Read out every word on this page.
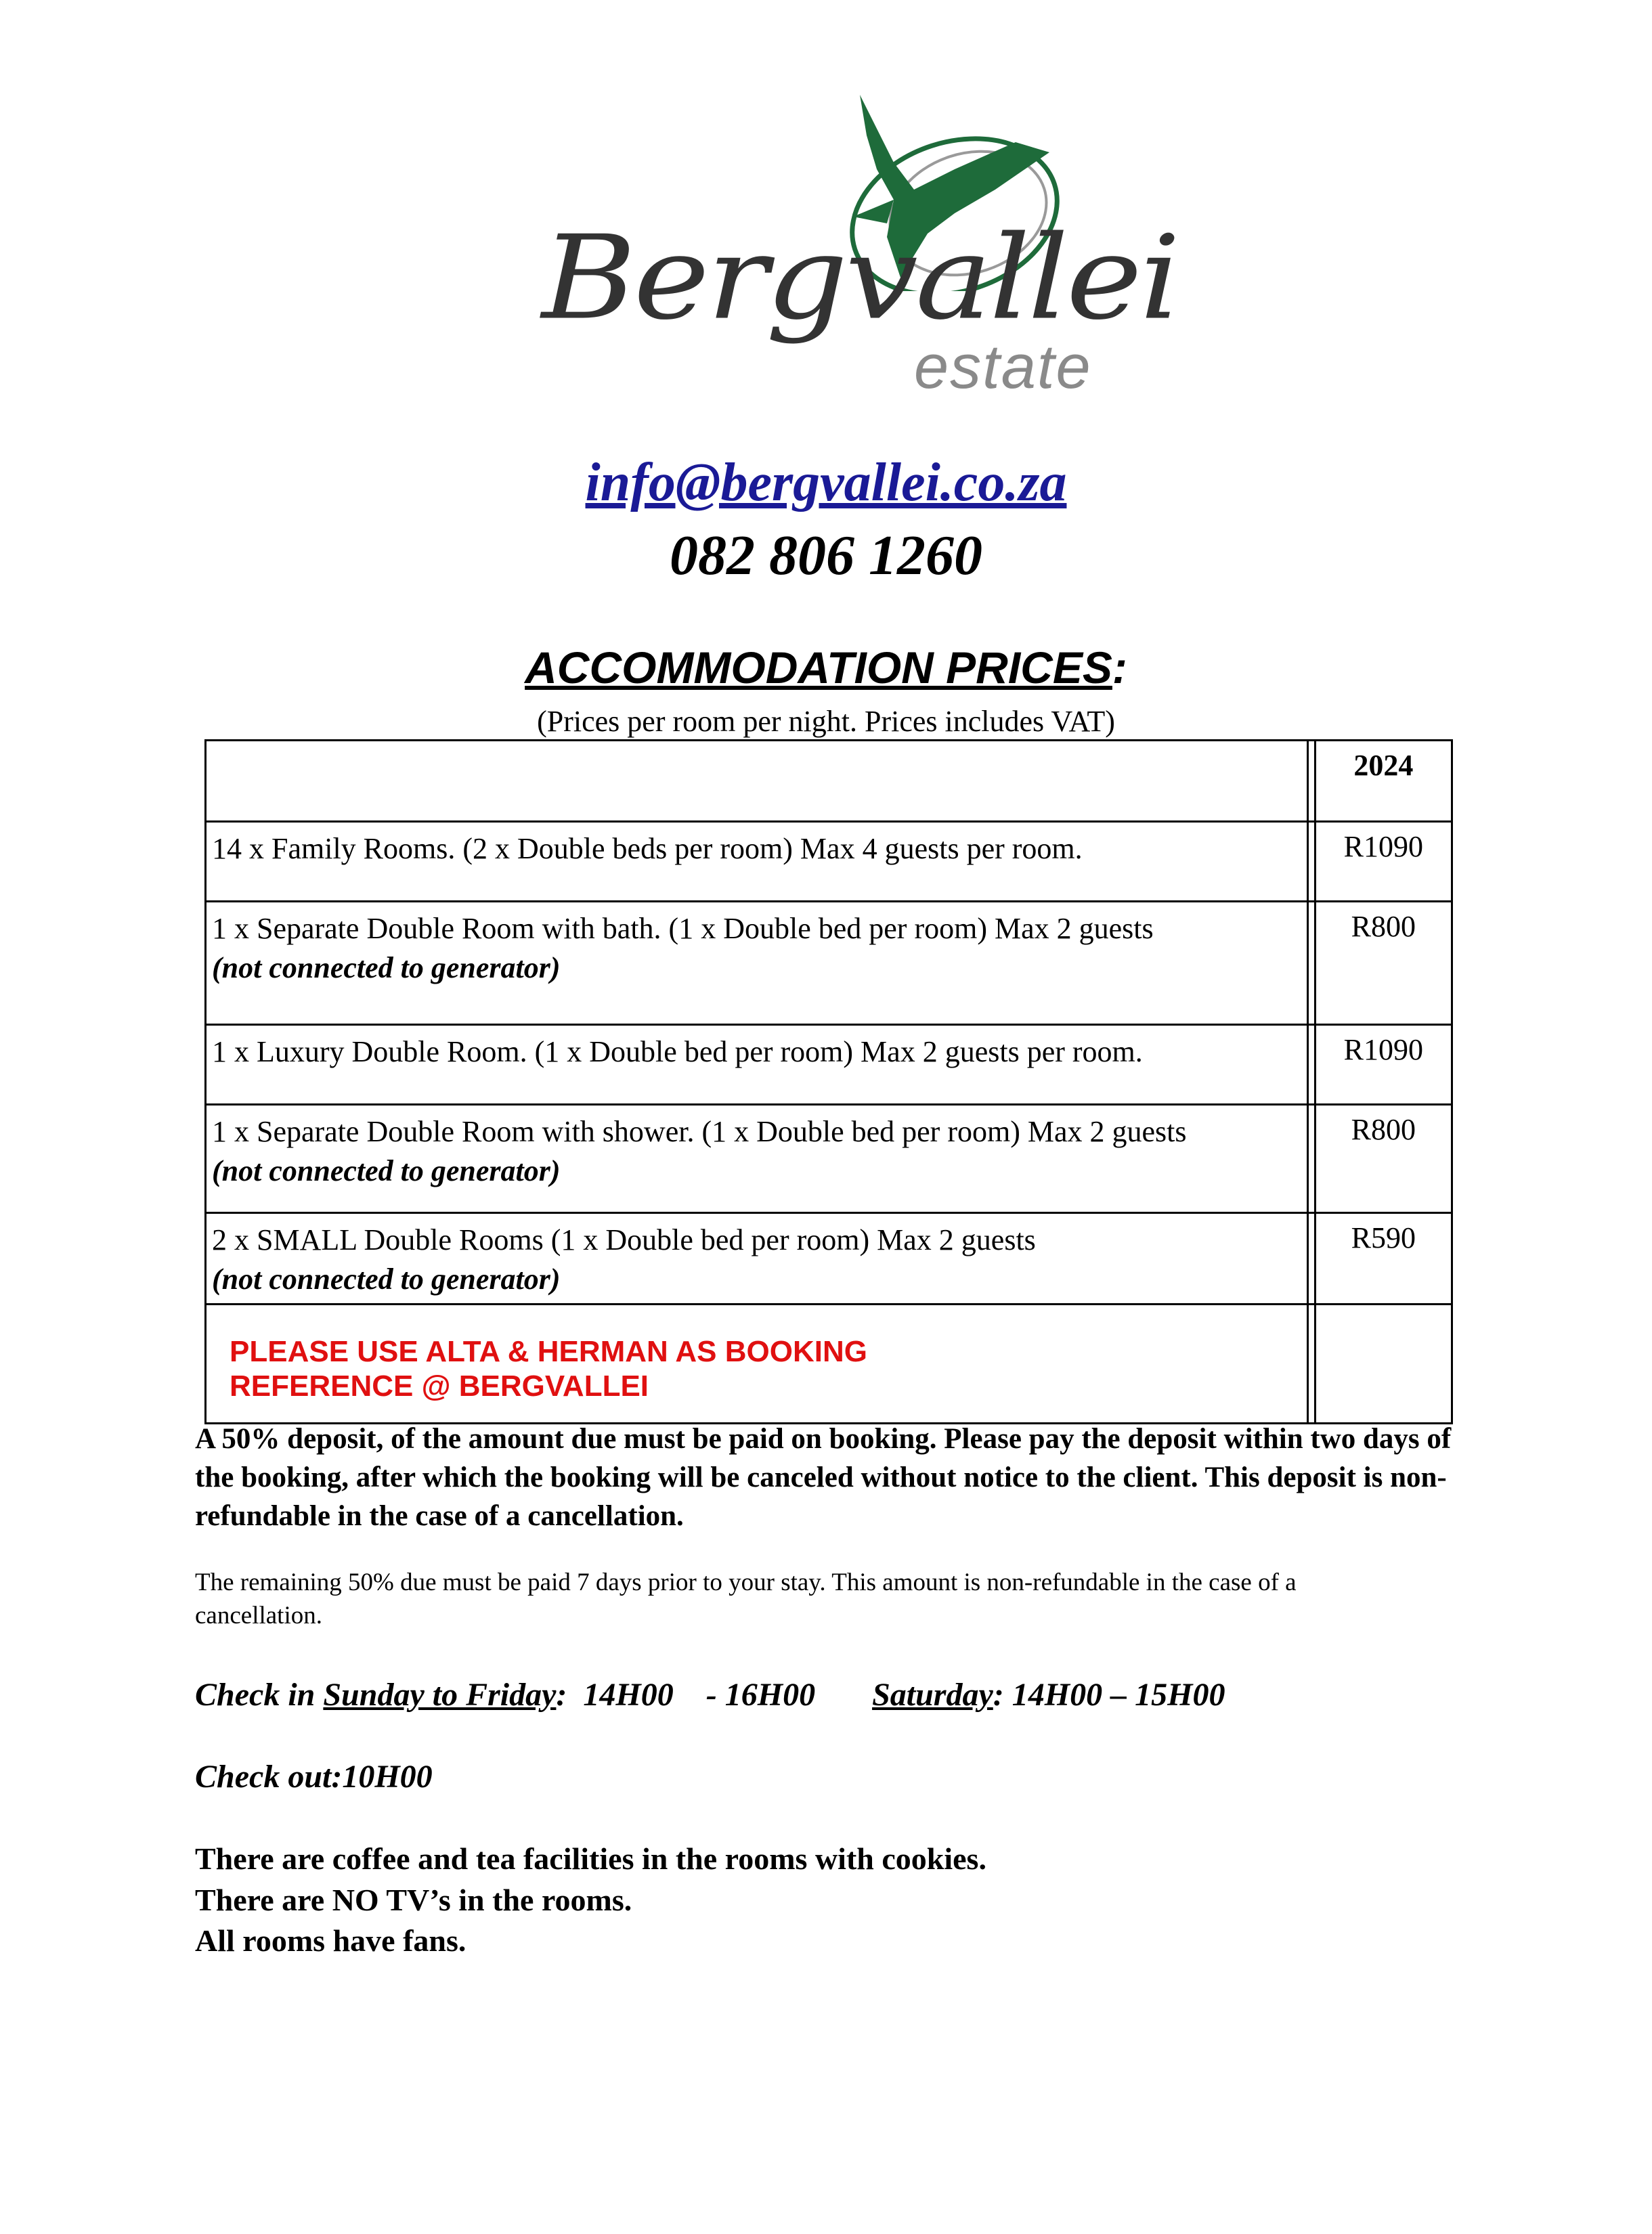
Bergvallei
estate
info@bergvallei.co.za
082 806 1260
ACCOMMODATION PRICES:
(Prices per room per night. Prices includes VAT)
		2024

14 x Family Rooms. (2 x Double beds per room) Max 4 guests per room.		R1090

1 x Separate Double Room with bath. (1 x Double bed per room) Max 2 guests
(not connected to generator)		R800

1 x Luxury Double Room. (1 x Double bed per room) Max 2 guests per room.		R1090

1 x Separate Double Room with shower. (1 x Double bed per room) Max 2 guests
(not connected to generator)		R800

2 x SMALL Double Rooms (1 x Double bed per room) Max 2 guests
(not connected to generator)		R590

PLEASE USE ALTA & HERMAN AS BOOKING
REFERENCE @ BERGVALLEI		

A 50% deposit, of the amount due must be paid on booking. Please pay the deposit within two days of the booking, after which the booking will be canceled without notice to the client. This deposit is non-refundable in the case of a cancellation.
The remaining 50% due must be paid 7 days prior to your stay. This amount is non-refundable in the case of a cancellation.
Check in Sunday to Friday:  14H00    - 16H00       Saturday: 14H00 – 15H00
Check out:10H00
There are coffee and tea facilities in the rooms with cookies.
There are NO TV’s in the rooms.
All rooms have fans.
